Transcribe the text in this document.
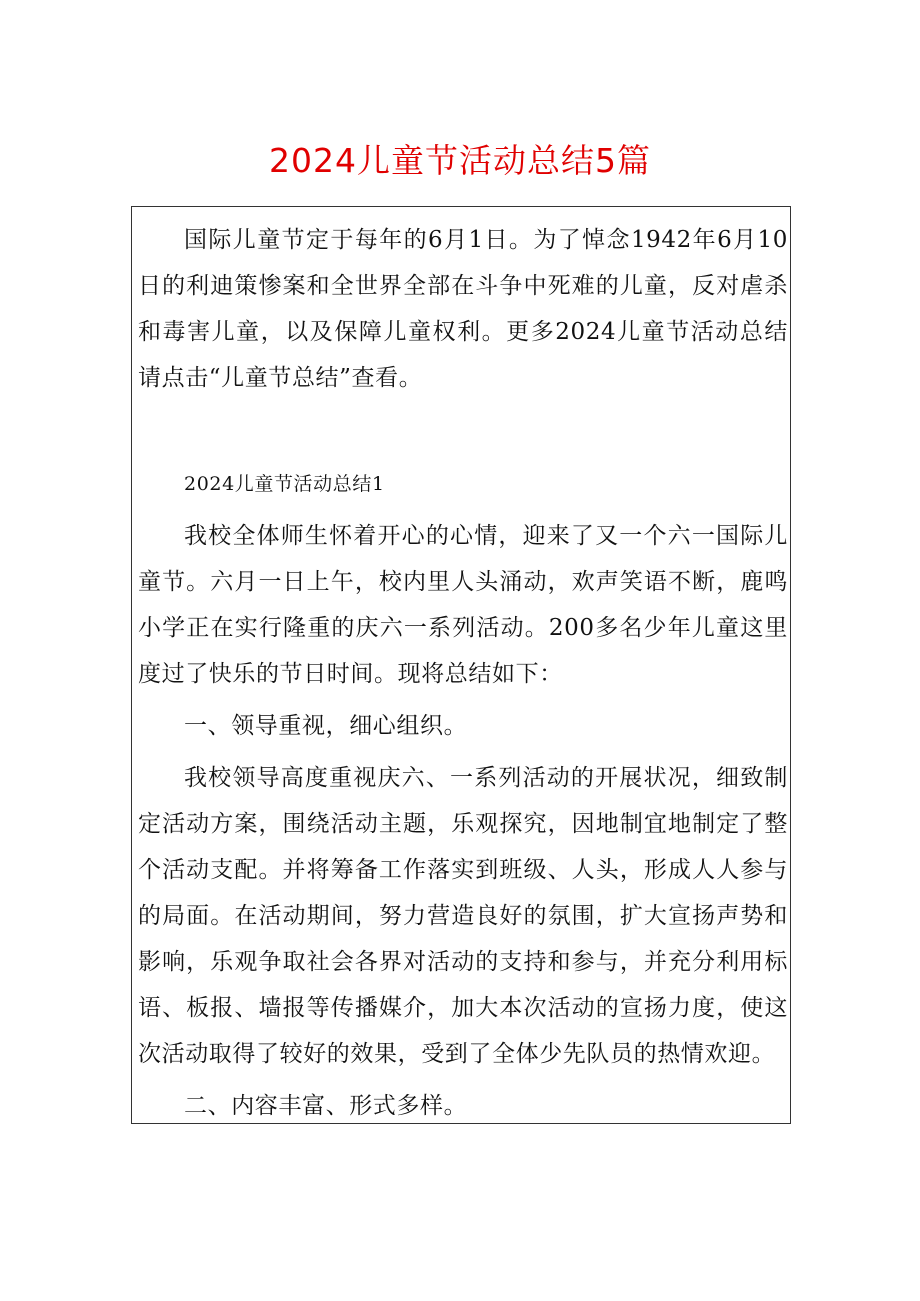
2024儿童节活动总结5篇

国际儿童节定于每年的6月1日。为了悼念1942年6月10日的利迪策惨案和全世界全部在斗争中死难的儿童，反对虐杀和毒害儿童，以及保障儿童权利。更多2024儿童节活动总结请点击“儿童节总结”查看。

2024儿童节活动总结1

我校全体师生怀着开心的心情，迎来了又一个六一国际儿童节。六月一日上午，校内里人头涌动，欢声笑语不断，鹿鸣小学正在实行隆重的庆六一系列活动。200多名少年儿童这里度过了快乐的节日时间。现将总结如下：

一、领导重视，细心组织。

我校领导高度重视庆六、一系列活动的开展状况，细致制定活动方案，围绕活动主题，乐观探究，因地制宜地制定了整个活动支配。并将筹备工作落实到班级、人头，形成人人参与的局面。在活动期间，努力营造良好的氛围，扩大宣扬声势和影响，乐观争取社会各界对活动的支持和参与，并充分利用标语、板报、墙报等传播媒介，加大本次活动的宣扬力度，使这次活动取得了较好的效果，受到了全体少先队员的热情欢迎。

二、内容丰富、形式多样。
